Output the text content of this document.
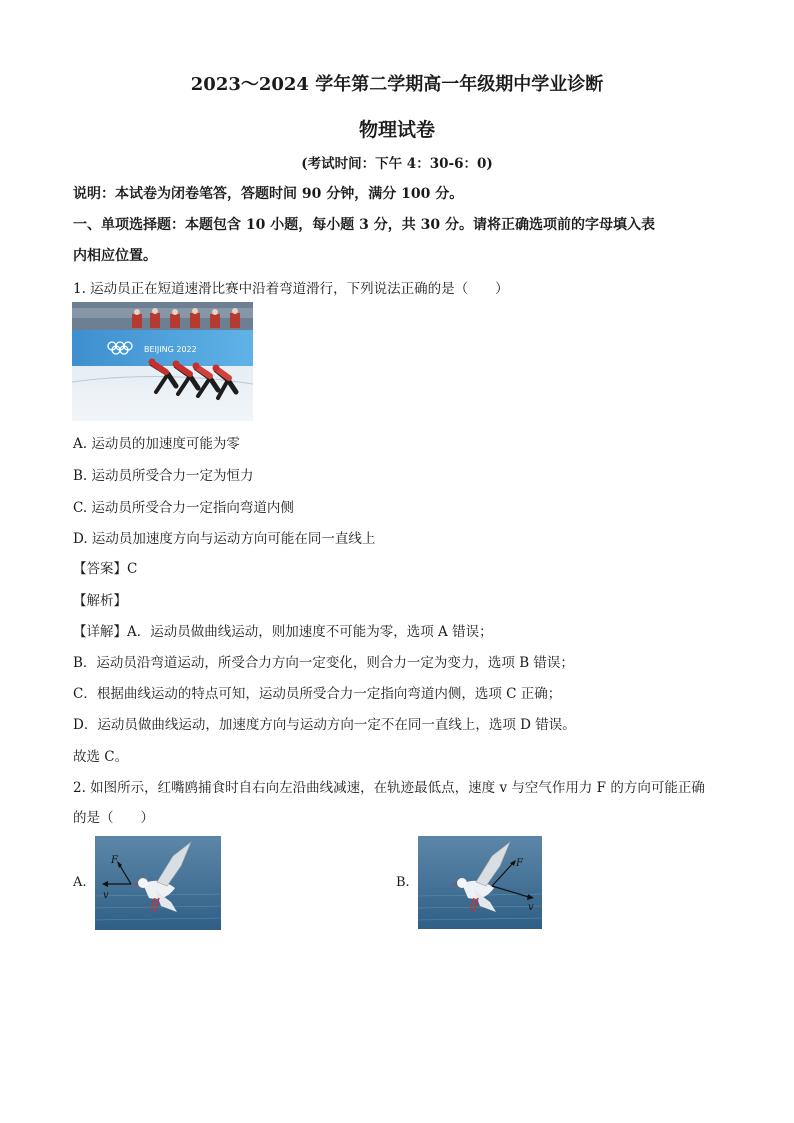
2023～2024 学年第二学期高一年级期中学业诊断
物理试卷
(考试时间：下午 4：30-6：0)
说明：本试卷为闭卷笔答，答题时间 90 分钟，满分 100 分。
一、单项选择题：本题包含 10 小题，每小题 3 分，共 30 分。请将正确选项前的字母填入表
内相应位置。
1. 运动员正在短道速滑比赛中沿着弯道滑行，下列说法正确的是（　　）
BEIJING 2022
A. 运动员的加速度可能为零
B. 运动员所受合力一定为恒力
C. 运动员所受合力一定指向弯道内侧
D. 运动员加速度方向与运动方向可能在同一直线上
【答案】C
【解析】
【详解】A．运动员做曲线运动，则加速度不可能为零，选项 A 错误；
B．运动员沿弯道运动，所受合力方向一定变化，则合力一定为变力，选项 B 错误；
C．根据曲线运动的特点可知，运动员所受合力一定指向弯道内侧，选项 C 正确；
D．运动员做曲线运动，加速度方向与运动方向一定不在同一直线上，选项 D 错误。
故选 C。
2. 如图所示，红嘴鸥捕食时自右向左沿曲线减速，在轨迹最低点，速度 v 与空气作用力 F 的方向可能正确
的是（　　）
A.
F
v
B.
F
v
